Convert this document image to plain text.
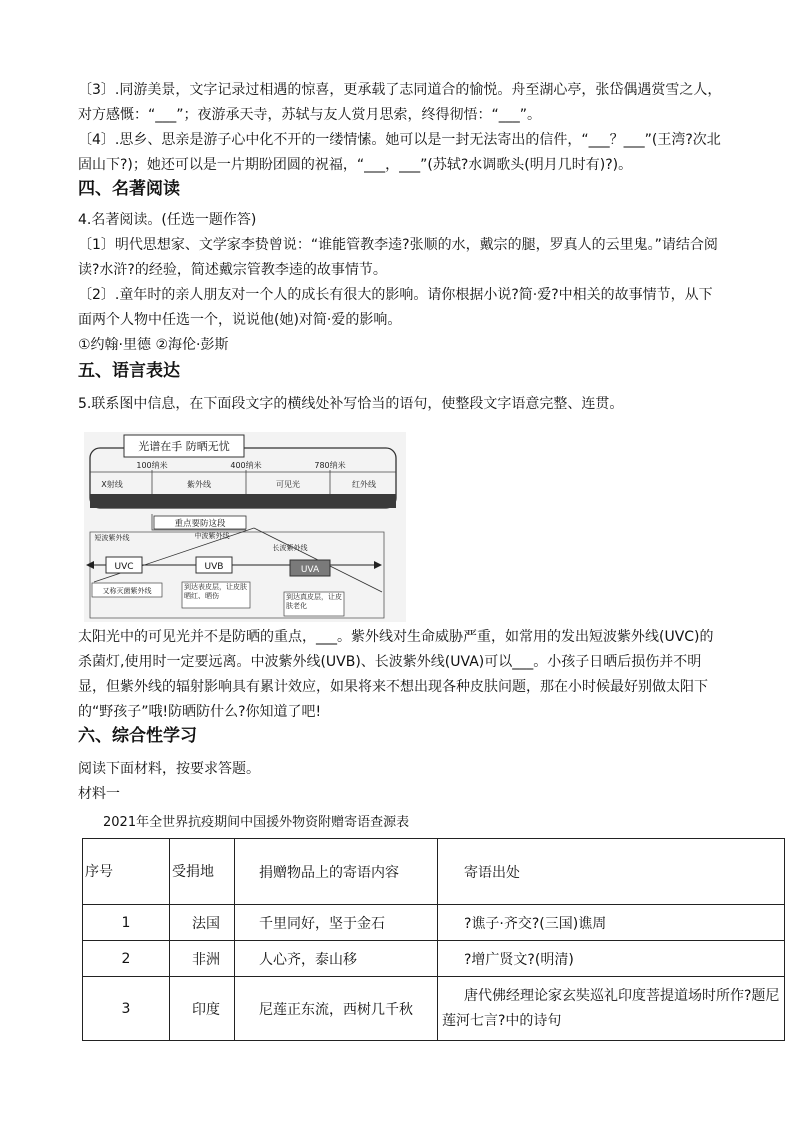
〔3〕.同游美景，文字记录过相遇的惊喜，更承载了志同道合的愉悦。舟至湖心亭，张岱偶遇赏雪之人，对方感慨：“___”；夜游承天寺，苏轼与友人赏月思索，终得彻悟：“___”。

〔4〕.思乡、思亲是游子心中化不开的一缕情愫。她可以是一封无法寄出的信件，“___？___”(王湾?次北固山下?)；她还可以是一片期盼团圆的祝福，“___，___”(苏轼?水调歌头(明月几时有)?)。

四、名著阅读

4.名著阅读。(任选一题作答)

〔1〕明代思想家、文学家李贽曾说：“谁能管教李逵?张顺的水，戴宗的腿，罗真人的云里鬼。”请结合阅读?水浒?的经验，简述戴宗管教李逵的故事情节。

〔2〕.童年时的亲人朋友对一个人的成长有很大的影响。请你根据小说?简·爱?中相关的故事情节，从下面两个人物中任选一个，说说他(她)对简·爱的影响。

①约翰·里德 ②海伦·彭斯

五、语言表达

5.联系图中信息，在下面段文字的横线处补写恰当的语句，使整段文字语意完整、连贯。

光谱在手 防晒无忧
100纳米	400纳米	780纳米
X射线	紫外线	可见光	红外线
重点要防这段
短波紫外线	中波紫外线
长波紫外线
UVC	UVB	UVA
又称灭菌紫外线	到达表皮层，让皮肤晒红、晒伤	到达真皮层，让皮肤老化

太阳光中的可见光并不是防晒的重点，___。紫外线对生命威胁严重，如常用的发出短波紫外线(UVC)的杀菌灯,使用时一定要远离。中波紫外线(UVB)、长波紫外线(UVA)可以___。小孩子日晒后损伤并不明显，但紫外线的辐射影响具有累计效应，如果将来不想出现各种皮肤问题，那在小时候最好别做太阳下的“野孩子”哦!防晒防什么?你知道了吧!

六、综合性学习

阅读下面材料，按要求答题。

材料一

2021年全世界抗疫期间中国援外物资附赠寄语查源表
序号	受捐地	捐赠物品上的寄语内容	寄语出处
1	法国	千里同好，坚于金石	?谯子·齐交?(三国)谯周
2	非洲	人心齐，泰山移	?增广贤文?(明清)
3	印度	尼莲正东流，西树几千秋	唐代佛经理论家玄奘巡礼印度菩提道场时所作?题尼莲河七言?中的诗句
